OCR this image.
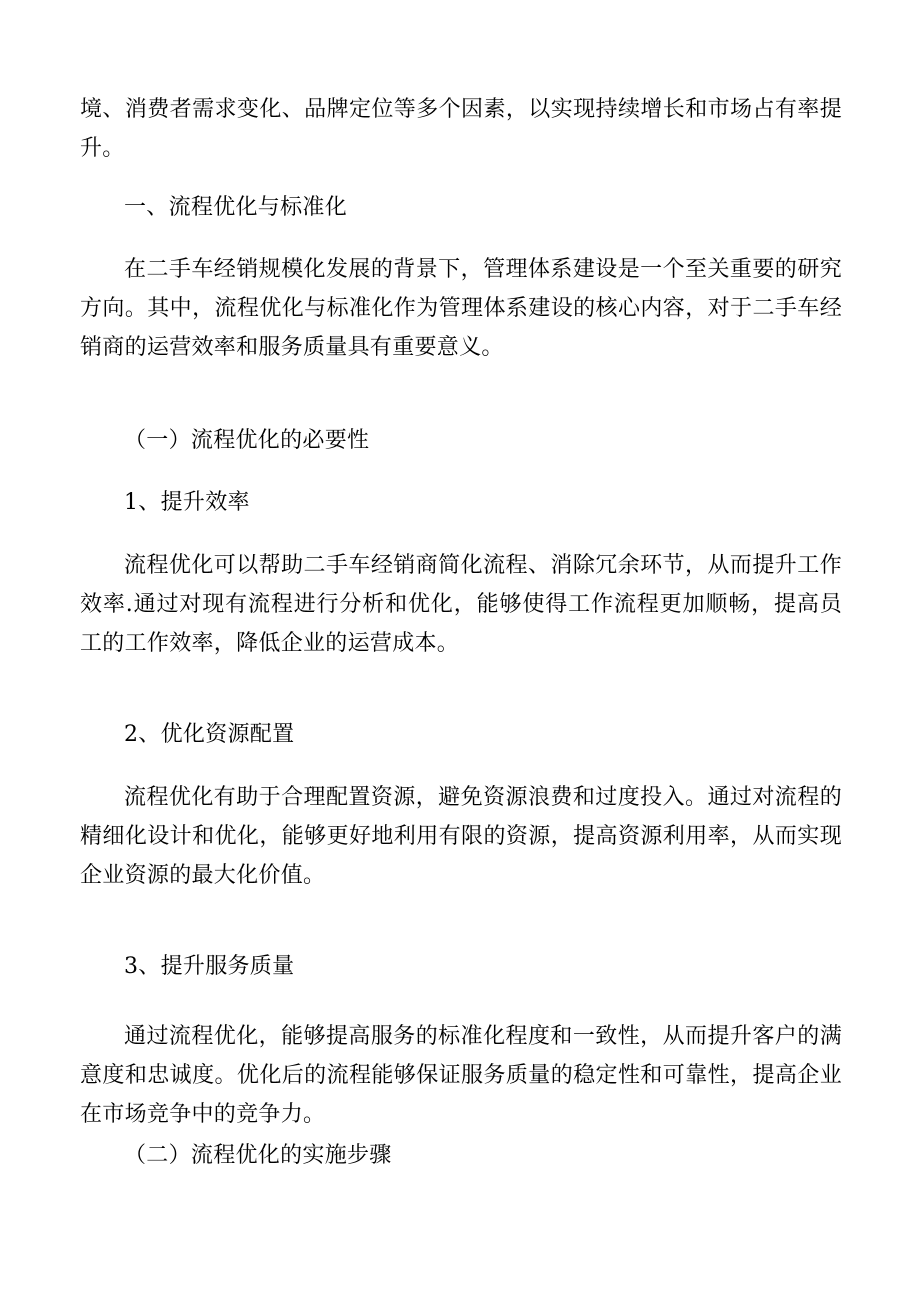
境、消费者需求变化、品牌定位等多个因素，以实现持续增长和市场占有率提升。

一、流程优化与标准化

在二手车经销规模化发展的背景下，管理体系建设是一个至关重要的研究方向。其中，流程优化与标准化作为管理体系建设的核心内容，对于二手车经销商的运营效率和服务质量具有重要意义。

（一）流程优化的必要性

1、提升效率

流程优化可以帮助二手车经销商简化流程、消除冗余环节，从而提升工作效率.通过对现有流程进行分析和优化，能够使得工作流程更加顺畅，提高员工的工作效率，降低企业的运营成本。

2、优化资源配置

流程优化有助于合理配置资源，避免资源浪费和过度投入。通过对流程的精细化设计和优化，能够更好地利用有限的资源，提高资源利用率，从而实现企业资源的最大化价值。

3、提升服务质量

通过流程优化，能够提高服务的标准化程度和一致性，从而提升客户的满意度和忠诚度。优化后的流程能够保证服务质量的稳定性和可靠性，提高企业在市场竞争中的竞争力。

（二）流程优化的实施步骤
